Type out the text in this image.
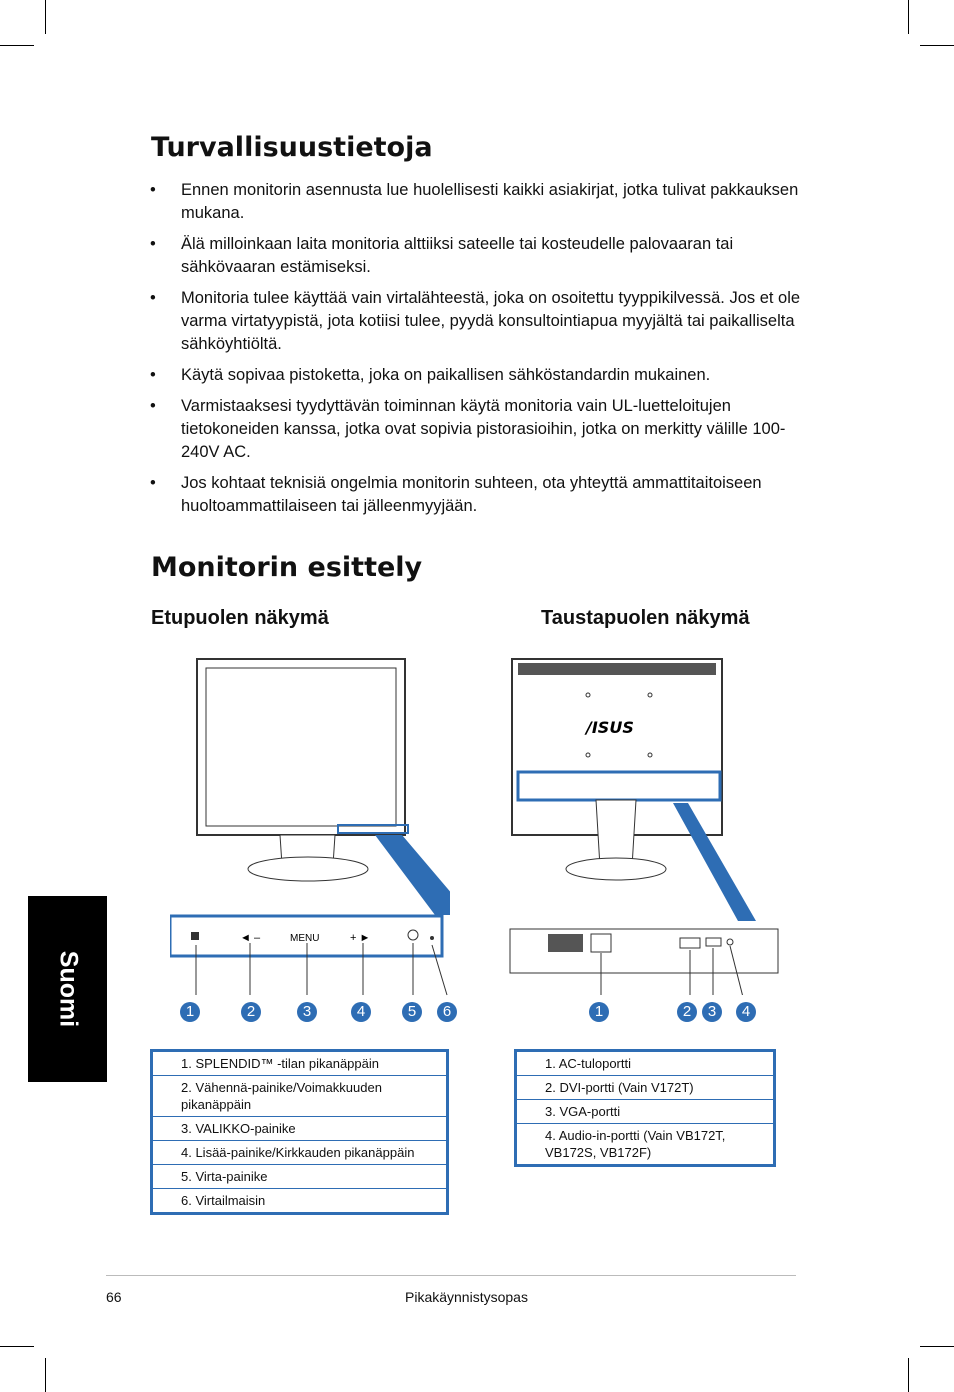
Turvallisuustietoja
• Ennen monitorin asennusta lue huolellisesti kaikki asiakirjat, jotka tulivat pakkauksen mukana.
• Älä milloinkaan laita monitoria alttiiksi sateelle tai kosteudelle palovaaran tai sähkövaaran estämiseksi.
• Monitoria tulee käyttää vain virtalähteestä, joka on osoitettu tyyppikilvessä. Jos et ole varma virtatyypistä, jota kotiisi tulee, pyydä konsultointiapua myyjältä tai paikalliselta sähköyhtiöltä.
• Käytä sopivaa pistoketta, joka on paikallisen sähköstandardin mukainen.
• Varmistaaksesi tyydyttävän toiminnan käytä monitoria vain UL-luetteloitujen tietokoneiden kanssa, jotka ovat sopivia pistorasioihin, jotka on merkitty välille 100-240V AC.
• Jos kohtaat teknisiä ongelmia monitorin suhteen, ota yhteyttä ammattitaitoiseen huoltoammattilaiseen tai jälleenmyyjään.
Monitorin esittely
Etupuolen näkymä	Taustapuolen näkymä
Suomi
◄ –	MENU	+ ►
1	2	3	4	5	6
/ISUS
1	2	3	4
1. SPLENDID™ -tilan pikanäppäin
2. Vähennä-painike/Voimakkuuden pikanäppäin
3. VALIKKO-painike
4. Lisää-painike/Kirkkauden pikanäppäin
5. Virta-painike
6. Virtailmaisin
1. AC-tuloportti
2. DVI-portti (Vain V172T)
3. VGA-portti
4. Audio-in-portti (Vain VB172T, VB172S, VB172F)
66	Pikakäynnistysopas
